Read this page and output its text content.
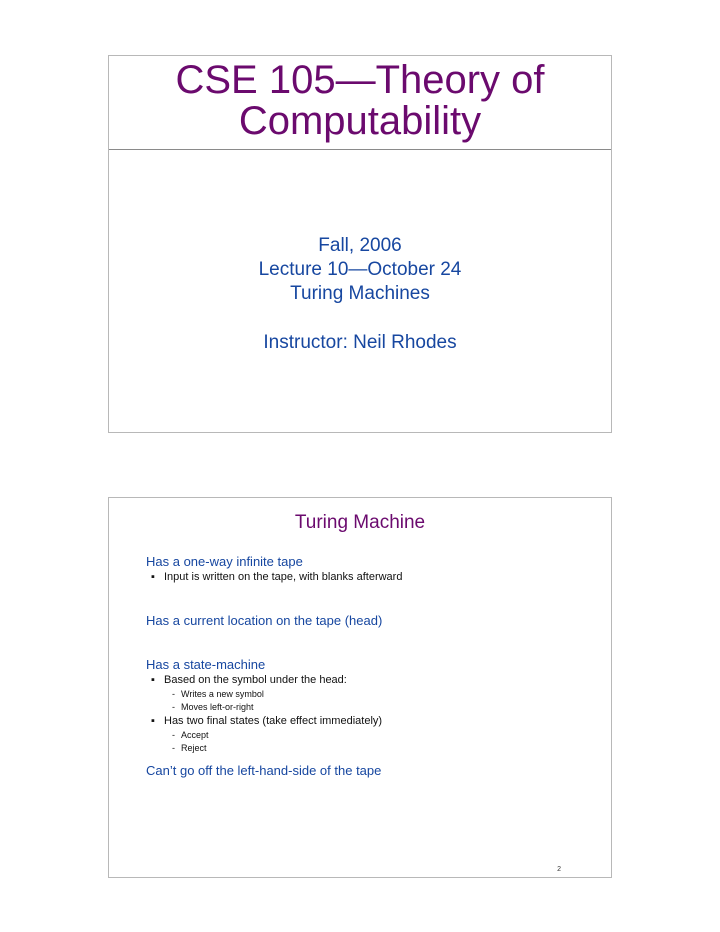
CSE 105—Theory of Computability
Fall, 2006
Lecture 10—October 24
Turing Machines
Instructor: Neil Rhodes
Turing Machine
Has a one-way infinite tape
▪ Input is written on the tape, with blanks afterward
Has a current location on the tape (head)
Has a state-machine
▪ Based on the symbol under the head:
- Writes a new symbol
- Moves left-or-right
▪ Has two final states (take effect immediately)
- Accept
- Reject
Can’t go off the left-hand-side of the tape
2
